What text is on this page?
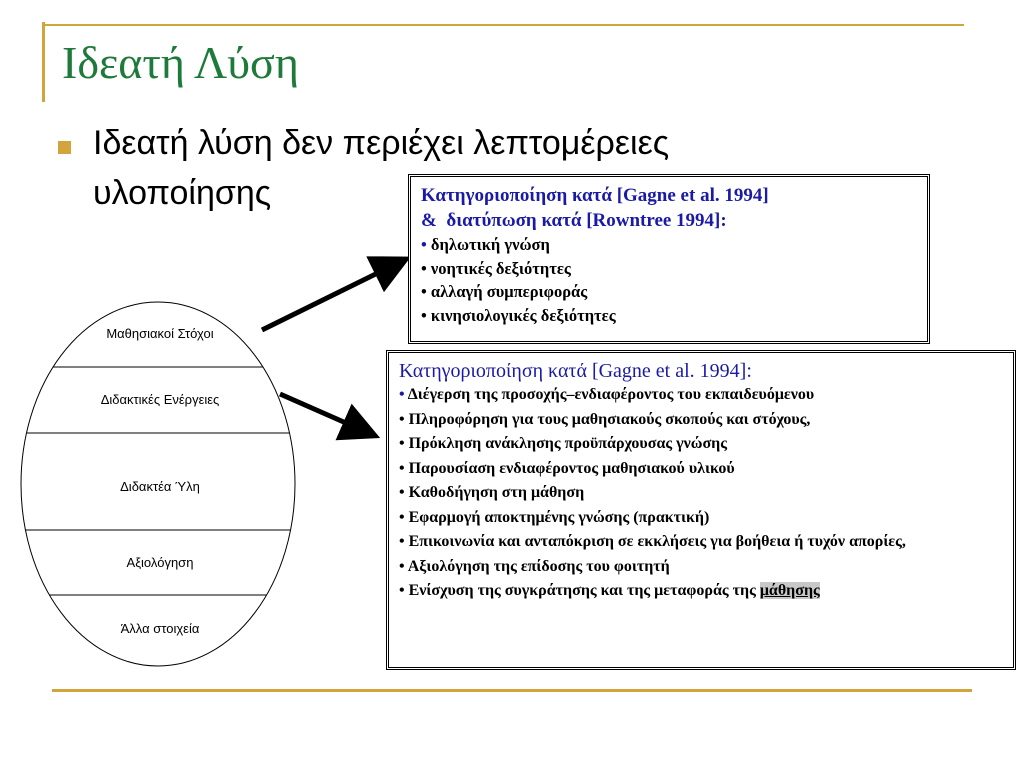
Ιδεατή Λύση
Ιδεατή λύση δεν περιέχει λεπτομέρειες υλοποίησης
Μαθησιακοί Στόχοι
Διδακτικές Ενέργειες
Διδακτέα Ύλη
Αξιολόγηση
Άλλα στοιχεία
Κατηγοριοποίηση κατά [Gagne et al. 1994]
&  διατύπωση κατά [Rowntree 1994]:
• δηλωτική γνώση
• νοητικές δεξιότητες
• αλλαγή συμπεριφοράς
• κινησιολογικές δεξιότητες
Κατηγοριοποίηση κατά [Gagne et al. 1994]:
• Διέγερση της προσοχής–ενδιαφέροντος του εκπαιδευόμενου
• Πληροφόρηση για τους μαθησιακούς σκοπούς και στόχους,
• Πρόκληση ανάκλησης προϋπάρχουσας γνώσης
• Παρουσίαση ενδιαφέροντος μαθησιακού υλικού
• Καθοδήγηση στη μάθηση
• Εφαρμογή αποκτημένης γνώσης (πρακτική)
• Επικοινωνία και ανταπόκριση σε εκκλήσεις για βοήθεια ή τυχόν απορίες,
• Αξιολόγηση της επίδοσης του φοιτητή
• Ενίσχυση της συγκράτησης και της μεταφοράς της μάθησης
